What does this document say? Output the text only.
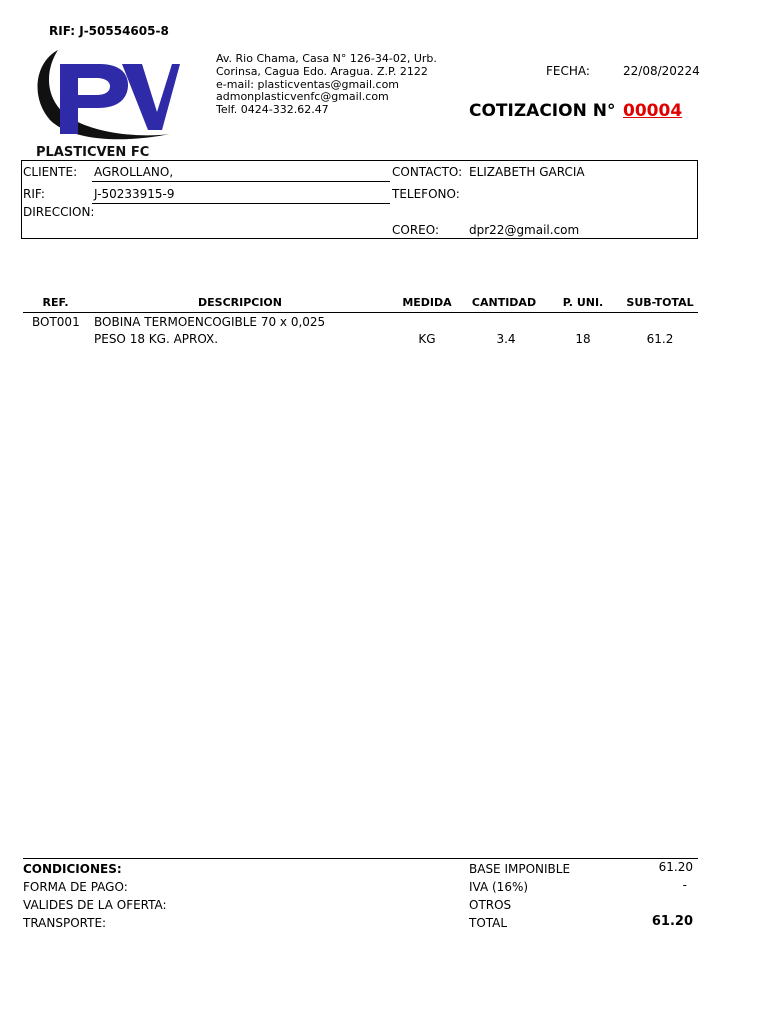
RIF: J-50554605-8
PLASTICVEN FC
Av. Rio Chama, Casa N° 126-34-02, Urb.
Corinsa, Cagua Edo. Aragua. Z.P. 2122
e-mail: plasticventas@gmail.com
admonplasticvenfc@gmail.com
Telf. 0424-332.62.47
FECHA:	22/08/20224
COTIZACION N° 00004
CLIENTE: AGROLLANO,
RIF:	J-50233915-9
DIRECCION:
CONTACTO: ELIZABETH GARCIA
TELEFONO:
COREO: dpr22@gmail.com
REF.	DESCRIPCION	MEDIDA	CANTIDAD	P. UNI.	SUB-TOTAL
BOT001 BOBINA TERMOENCOGIBLE 70 x 0,025
PESO 18 KG. APROX.	KG	3.4	18	61.2
CONDICIONES:
FORMA DE PAGO:
VALIDES DE LA OFERTA:
TRANSPORTE:
BASE IMPONIBLE	61.20
IVA (16%)	-
OTROS
TOTAL	61.20
